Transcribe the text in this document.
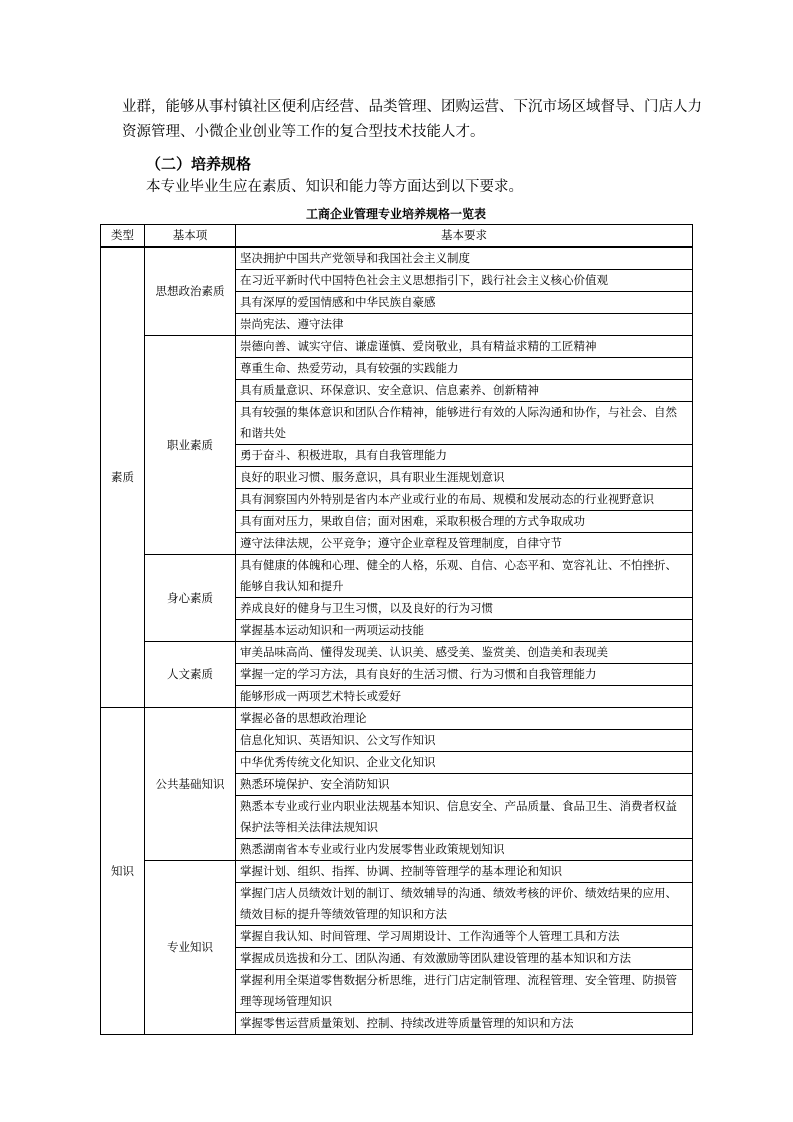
业群，能够从事村镇社区便利店经营、品类管理、团购运营、下沉市场区域督导、门店人力
资源管理、小微企业创业等工作的复合型技术技能人才。

（二）培养规格

本专业毕业生应在素质、知识和能力等方面达到以下要求。

工商企业管理专业培养规格一览表

类型	基本项	基本要求
素质	思想政治素质	坚决拥护中国共产党领导和我国社会主义制度
		在习近平新时代中国特色社会主义思想指引下，践行社会主义核心价值观
		具有深厚的爱国情感和中华民族自豪感
		崇尚宪法、遵守法律
	职业素质	崇德向善、诚实守信、谦虚谨慎、爱岗敬业，具有精益求精的工匠精神
		尊重生命、热爱劳动，具有较强的实践能力
		具有质量意识、环保意识、安全意识、信息素养、创新精神
		具有较强的集体意识和团队合作精神，能够进行有效的人际沟通和协作，与社会、自然和谐共处
		勇于奋斗、积极进取，具有自我管理能力
		良好的职业习惯、服务意识，具有职业生涯规划意识
		具有洞察国内外特别是省内本产业或行业的布局、规模和发展动态的行业视野意识
		具有面对压力，果敢自信；面对困难，采取积极合理的方式争取成功
		遵守法律法规，公平竞争；遵守企业章程及管理制度，自律守节
	身心素质	具有健康的体魄和心理、健全的人格，乐观、自信、心态平和、宽容礼让、不怕挫折、能够自我认知和提升
		养成良好的健身与卫生习惯，以及良好的行为习惯
		掌握基本运动知识和一两项运动技能
	人文素质	审美品味高尚、懂得发现美、认识美、感受美、鉴赏美、创造美和表现美
		掌握一定的学习方法，具有良好的生活习惯、行为习惯和自我管理能力
		能够形成一两项艺术特长或爱好
知识	公共基础知识	掌握必备的思想政治理论
		信息化知识、英语知识、公文写作知识
		中华优秀传统文化知识、企业文化知识
		熟悉环境保护、安全消防知识
		熟悉本专业或行业内职业法规基本知识、信息安全、产品质量、食品卫生、消费者权益保护法等相关法律法规知识
		熟悉湖南省本专业或行业内发展零售业政策规划知识
	专业知识	掌握计划、组织、指挥、协调、控制等管理学的基本理论和知识
		掌握门店人员绩效计划的制订、绩效辅导的沟通、绩效考核的评价、绩效结果的应用、绩效目标的提升等绩效管理的知识和方法
		掌握自我认知、时间管理、学习周期设计、工作沟通等个人管理工具和方法
		掌握成员选拔和分工、团队沟通、有效激励等团队建设管理的基本知识和方法
		掌握利用全渠道零售数据分析思维，进行门店定制管理、流程管理、安全管理、防损管理等现场管理知识
		掌握零售运营质量策划、控制、持续改进等质量管理的知识和方法
